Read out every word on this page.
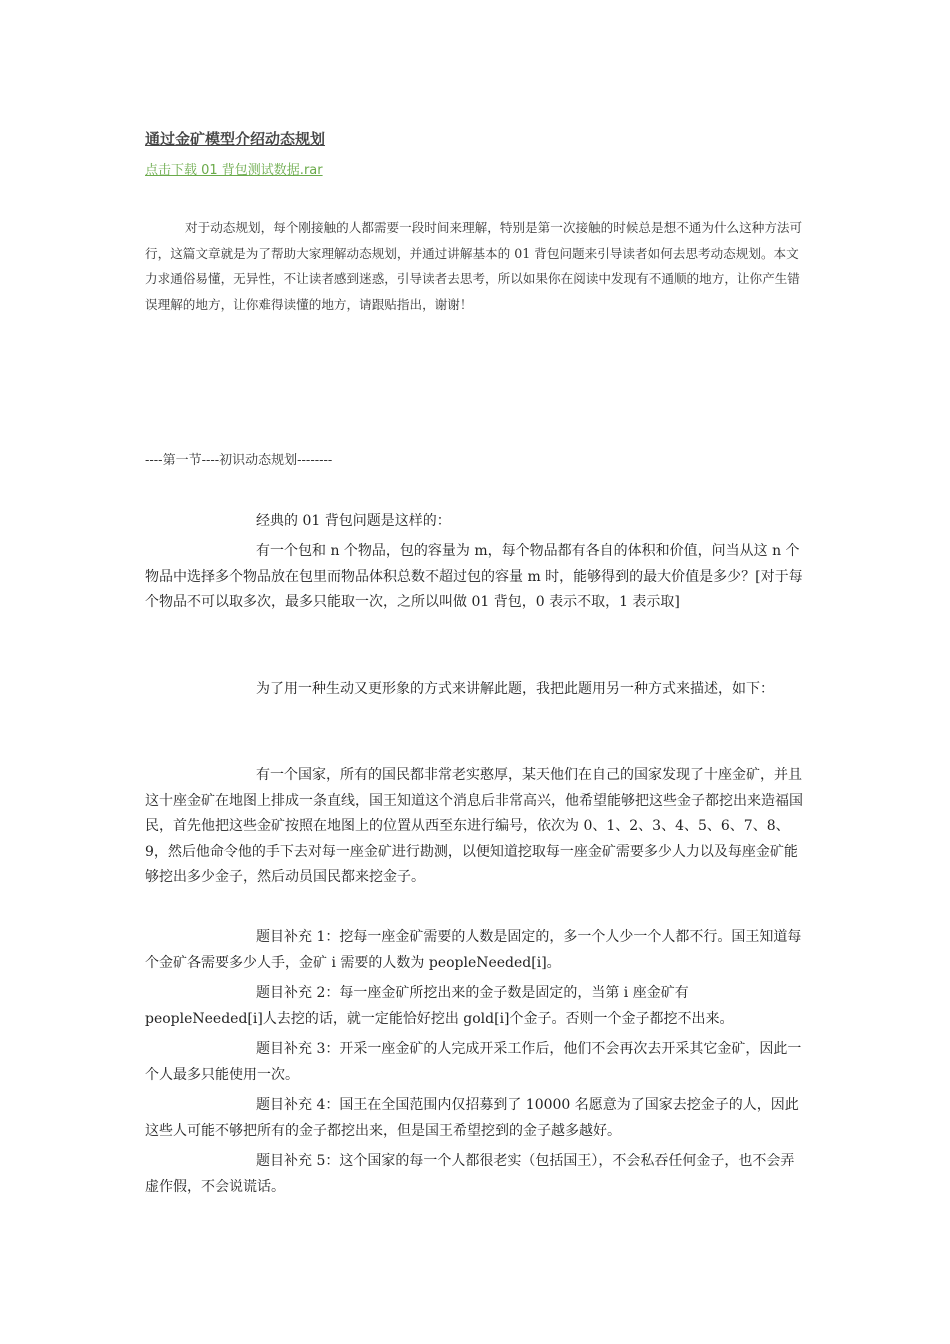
通过金矿模型介绍动态规划
点击下载 01 背包测试数据.rar
对于动态规划，每个刚接触的人都需要一段时间来理解，特别是第一次接触的时候总是想不通为什么这种方法可行，这篇文章就是为了帮助大家理解动态规划，并通过讲解基本的 01 背包问题来引导读者如何去思考动态规划。本文力求通俗易懂，无异性，不让读者感到迷惑，引导读者去思考，所以如果你在阅读中发现有不通顺的地方，让你产生错误理解的地方，让你难得读懂的地方，请跟贴指出，谢谢！
----第一节----初识动态规划--------
经典的 01 背包问题是这样的：
有一个包和 n 个物品，包的容量为 m，每个物品都有各自的体积和价值，问当从这 n 个物品中选择多个物品放在包里而物品体积总数不超过包的容量 m 时，能够得到的最大价值是多少？[对于每个物品不可以取多次，最多只能取一次，之所以叫做 01 背包，0 表示不取，1 表示取]
为了用一种生动又更形象的方式来讲解此题，我把此题用另一种方式来描述，如下：
有一个国家，所有的国民都非常老实憨厚，某天他们在自己的国家发现了十座金矿，并且这十座金矿在地图上排成一条直线，国王知道这个消息后非常高兴，他希望能够把这些金子都挖出来造福国民，首先他把这些金矿按照在地图上的位置从西至东进行编号，依次为 0、1、2、3、4、5、6、7、8、9，然后他命令他的手下去对每一座金矿进行勘测，以便知道挖取每一座金矿需要多少人力以及每座金矿能够挖出多少金子，然后动员国民都来挖金子。
题目补充 1：挖每一座金矿需要的人数是固定的，多一个人少一个人都不行。国王知道每个金矿各需要多少人手，金矿 i 需要的人数为 peopleNeeded[i]。
题目补充 2：每一座金矿所挖出来的金子数是固定的，当第 i 座金矿有 peopleNeeded[i]人去挖的话，就一定能恰好挖出 gold[i]个金子。否则一个金子都挖不出来。
题目补充 3：开采一座金矿的人完成开采工作后，他们不会再次去开采其它金矿，因此一个人最多只能使用一次。
题目补充 4：国王在全国范围内仅招募到了 10000 名愿意为了国家去挖金子的人，因此这些人可能不够把所有的金子都挖出来，但是国王希望挖到的金子越多越好。
题目补充 5：这个国家的每一个人都很老实（包括国王），不会私吞任何金子，也不会弄虚作假，不会说谎话。
